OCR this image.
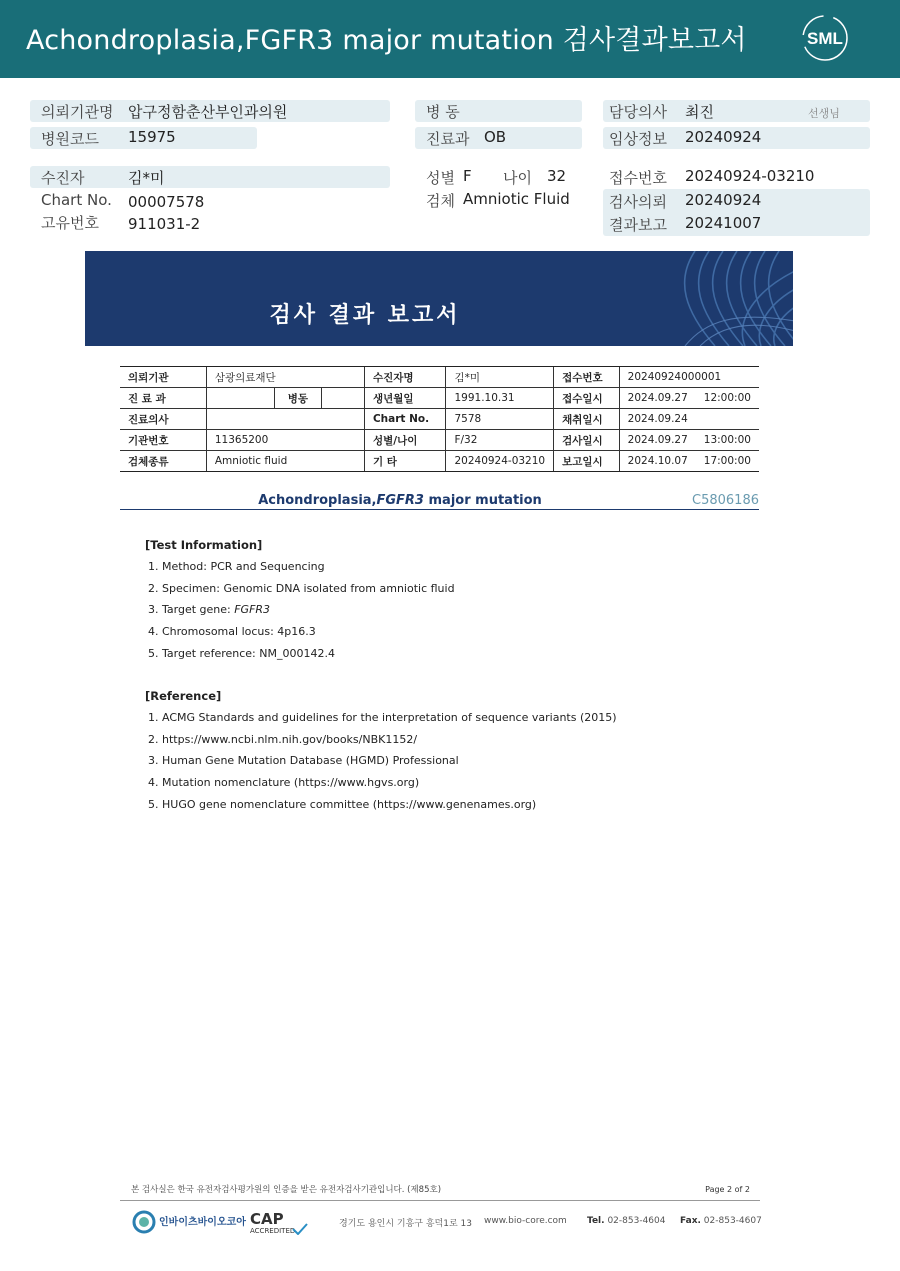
Achondroplasia,FGFR3 major mutation 검사결과보고서	SML
의뢰기관명 압구정함춘산부인과의원
병원코드 15975
수진자	김*미
Chart No. 00007578
고유번호 911031-2
병 동
진료과 OB
성별 F 나이 32
검체 Amniotic Fluid
담당의사 최진	선생님
임상정보 20240924
접수번호 20240924-03210
검사의뢰 20240924
결과보고 20241007
검사 결과 보고서
의뢰기관	삼광의료재단			수진자명	김*미	접수번호	20240924000001
진 료 과		병동		생년월일	1991.10.31	접수일시	2024.09.27 12:00:00
진료의사				Chart No.	7578	채취일시	2024.09.24
기관번호	11365200			성별/나이	F/32	검사일시	2024.09.27 13:00:00
검체종류	Amniotic fluid			기 타	20240924-03210	보고일시	2024.10.07 17:00:00
Achondroplasia,FGFR3 major mutation	C5806186
[Test Information]
1. Method: PCR and Sequencing
2. Specimen: Genomic DNA isolated from amniotic fluid
3. Target gene: FGFR3
4. Chromosomal locus: 4p16.3
5. Target reference: NM_000142.4
[Reference]
1. ACMG Standards and guidelines for the interpretation of sequence variants (2015)
2. https://www.ncbi.nlm.nih.gov/books/NBK1152/
3. Human Gene Mutation Database (HGMD) Professional
4. Mutation nomenclature (https://www.hgvs.org)
5. HUGO gene nomenclature committee (https://www.genenames.org)
본 검사실은 한국 유전자검사평가원의 인증을 받은 유전자검사기관입니다. (제85호)	Page 2 of 2
인바이츠바이오코아 CAP
ACCREDITED
경기도 용인시 기흥구 흥덕1로 13 www.bio-core.com Tel. 02-853-4604 Fax. 02-853-4607
